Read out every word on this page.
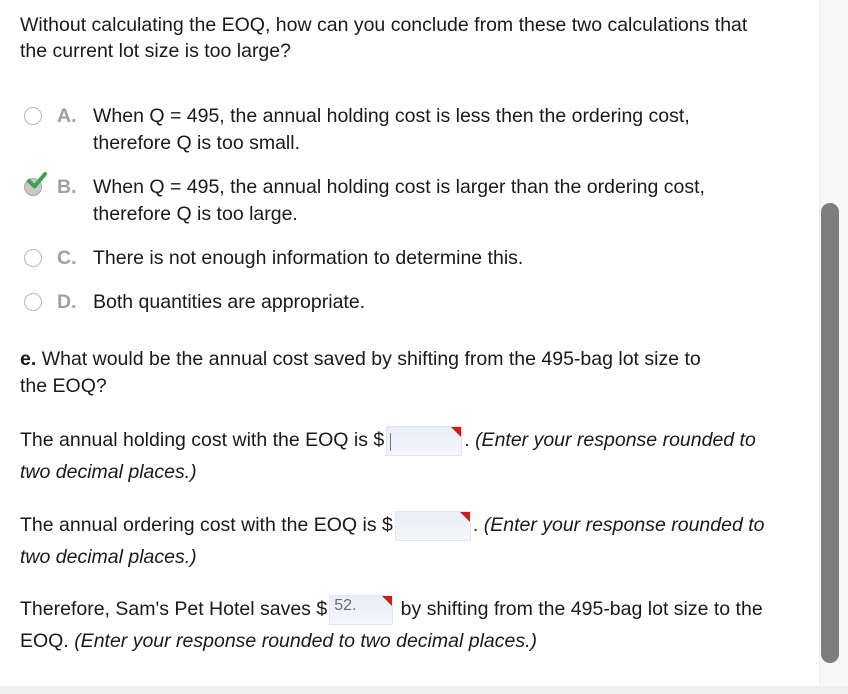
Without calculating the EOQ, how can you conclude from these two calculations that
the current lot size is too large?
A. When Q = 495, the annual holding cost is less then the ordering cost,
therefore Q is too small.
B. When Q = 495, the annual holding cost is larger than the ordering cost,
therefore Q is too large.
C. There is not enough information to determine this.
D. Both quantities are appropriate.
e. What would be the annual cost saved by shifting from the 495-bag lot size to
the EOQ?
The annual holding cost with the EOQ is $	. (Enter your response rounded to
two decimal places.)
The annual ordering cost with the EOQ is $	. (Enter your response rounded to
two decimal places.)
Therefore, Sam's Pet Hotel saves $ 52. by shifting from the 495-bag lot size to the
EOQ. (Enter your response rounded to two decimal places.)
